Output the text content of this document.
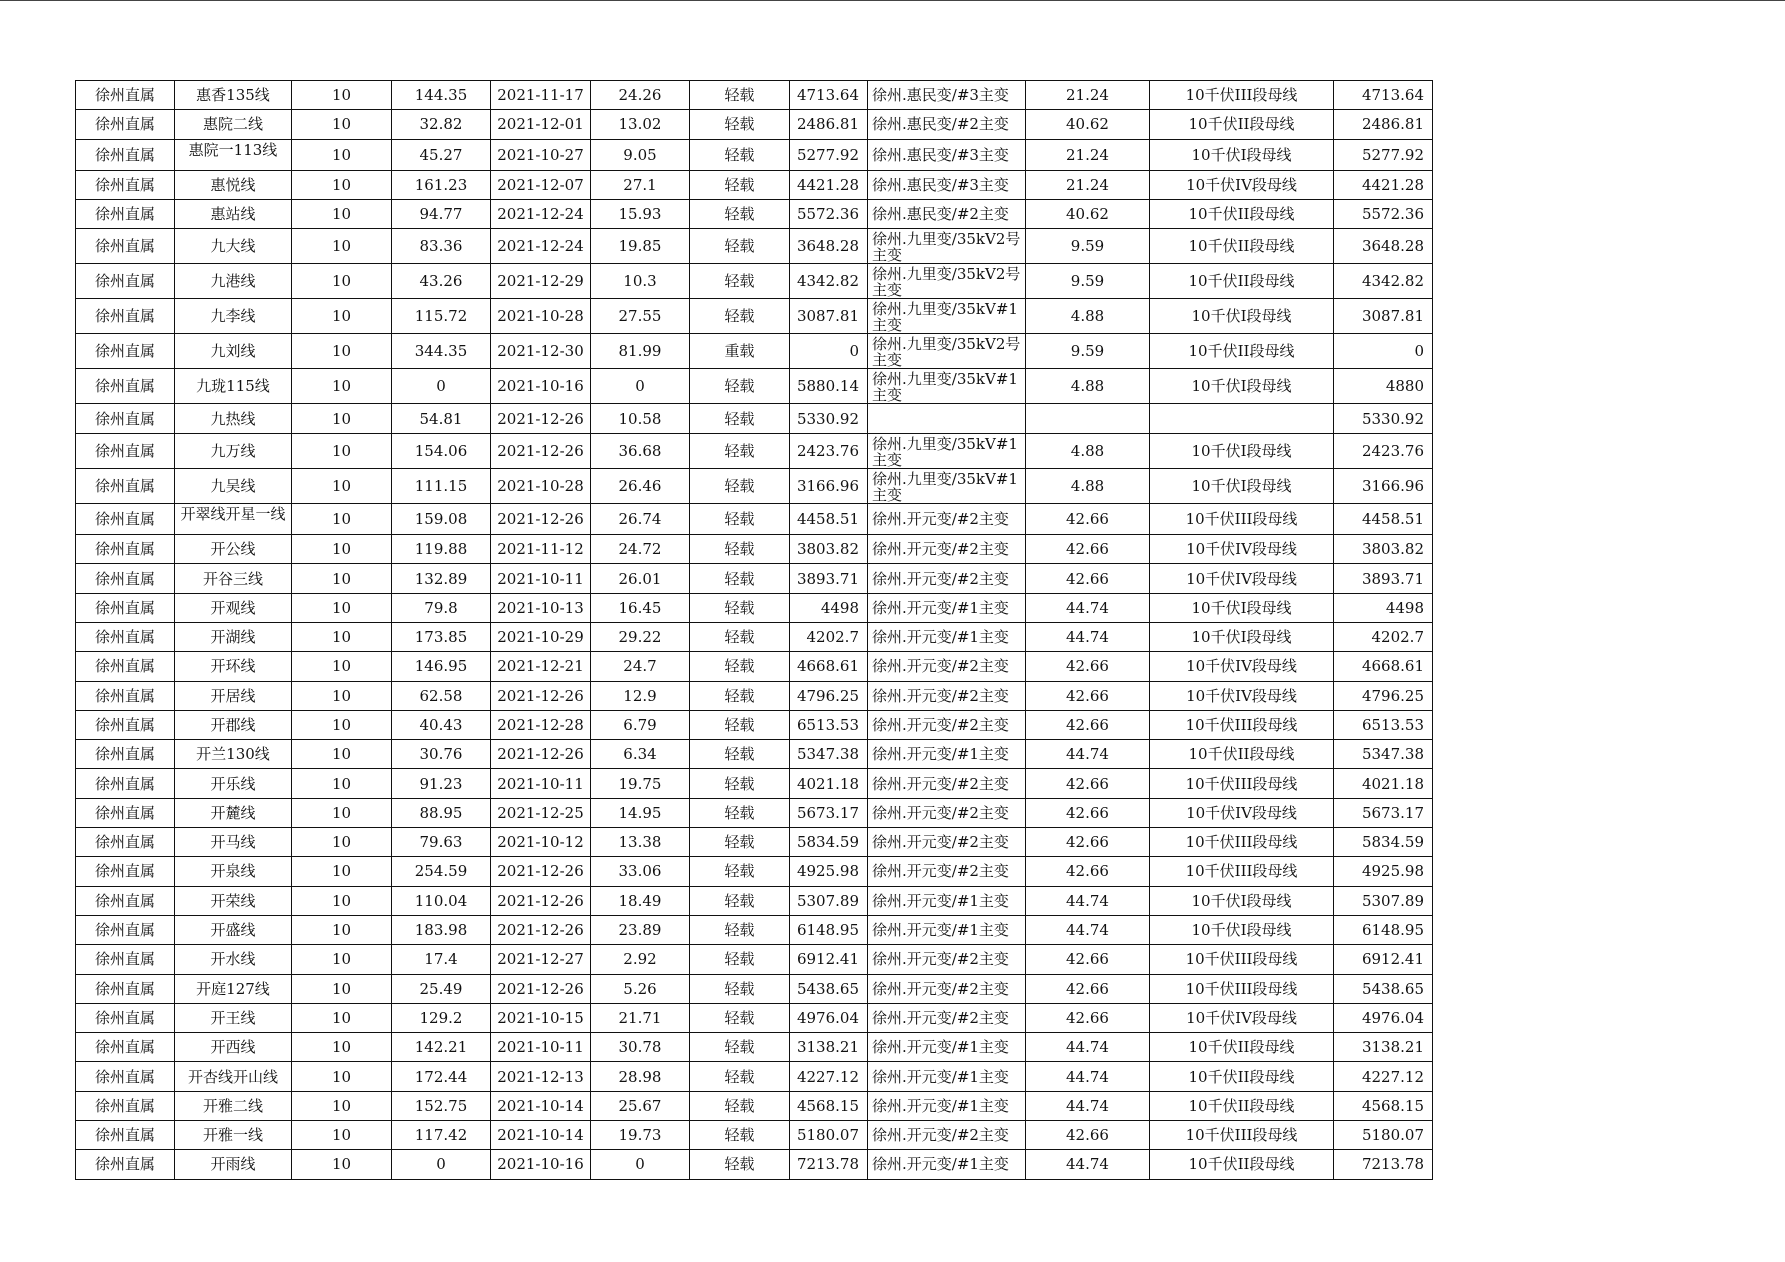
徐州直属	惠香135线	10	144.35	2021-11-17	24.26	轻载	4713.64	徐州.惠民变/#3主变	21.24	10千伏III段母线	4713.64
徐州直属	惠院二线	10	32.82	2021-12-01	13.02	轻载	2486.81	徐州.惠民变/#2主变	40.62	10千伏II段母线	2486.81
徐州直属	惠院一113线	10	45.27	2021-10-27	9.05	轻载	5277.92	徐州.惠民变/#3主变	21.24	10千伏I段母线	5277.92
徐州直属	惠悦线	10	161.23	2021-12-07	27.1	轻载	4421.28	徐州.惠民变/#3主变	21.24	10千伏IV段母线	4421.28
徐州直属	惠站线	10	94.77	2021-12-24	15.93	轻载	5572.36	徐州.惠民变/#2主变	40.62	10千伏II段母线	5572.36
徐州直属	九大线	10	83.36	2021-12-24	19.85	轻载	3648.28	徐州.九里变/35kV2号主变	9.59	10千伏II段母线	3648.28
徐州直属	九港线	10	43.26	2021-12-29	10.3	轻载	4342.82	徐州.九里变/35kV2号主变	9.59	10千伏II段母线	4342.82
徐州直属	九李线	10	115.72	2021-10-28	27.55	轻载	3087.81	徐州.九里变/35kV#1主变	4.88	10千伏I段母线	3087.81
徐州直属	九刘线	10	344.35	2021-12-30	81.99	重载	0	徐州.九里变/35kV2号主变	9.59	10千伏II段母线	0
徐州直属	九珑115线	10	0	2021-10-16	0	轻载	5880.14	徐州.九里变/35kV#1主变	4.88	10千伏I段母线	4880
徐州直属	九热线	10	54.81	2021-12-26	10.58	轻载	5330.92				5330.92
徐州直属	九万线	10	154.06	2021-12-26	36.68	轻载	2423.76	徐州.九里变/35kV#1主变	4.88	10千伏I段母线	2423.76
徐州直属	九吴线	10	111.15	2021-10-28	26.46	轻载	3166.96	徐州.九里变/35kV#1主变	4.88	10千伏I段母线	3166.96
徐州直属	开翠线开星一线	10	159.08	2021-12-26	26.74	轻载	4458.51	徐州.开元变/#2主变	42.66	10千伏III段母线	4458.51
徐州直属	开公线	10	119.88	2021-11-12	24.72	轻载	3803.82	徐州.开元变/#2主变	42.66	10千伏IV段母线	3803.82
徐州直属	开谷三线	10	132.89	2021-10-11	26.01	轻载	3893.71	徐州.开元变/#2主变	42.66	10千伏IV段母线	3893.71
徐州直属	开观线	10	79.8	2021-10-13	16.45	轻载	4498	徐州.开元变/#1主变	44.74	10千伏I段母线	4498
徐州直属	开湖线	10	173.85	2021-10-29	29.22	轻载	4202.7	徐州.开元变/#1主变	44.74	10千伏I段母线	4202.7
徐州直属	开环线	10	146.95	2021-12-21	24.7	轻载	4668.61	徐州.开元变/#2主变	42.66	10千伏IV段母线	4668.61
徐州直属	开居线	10	62.58	2021-12-26	12.9	轻载	4796.25	徐州.开元变/#2主变	42.66	10千伏IV段母线	4796.25
徐州直属	开郡线	10	40.43	2021-12-28	6.79	轻载	6513.53	徐州.开元变/#2主变	42.66	10千伏III段母线	6513.53
徐州直属	开兰130线	10	30.76	2021-12-26	6.34	轻载	5347.38	徐州.开元变/#1主变	44.74	10千伏II段母线	5347.38
徐州直属	开乐线	10	91.23	2021-10-11	19.75	轻载	4021.18	徐州.开元变/#2主变	42.66	10千伏III段母线	4021.18
徐州直属	开麓线	10	88.95	2021-12-25	14.95	轻载	5673.17	徐州.开元变/#2主变	42.66	10千伏IV段母线	5673.17
徐州直属	开马线	10	79.63	2021-10-12	13.38	轻载	5834.59	徐州.开元变/#2主变	42.66	10千伏III段母线	5834.59
徐州直属	开泉线	10	254.59	2021-12-26	33.06	轻载	4925.98	徐州.开元变/#2主变	42.66	10千伏III段母线	4925.98
徐州直属	开荣线	10	110.04	2021-12-26	18.49	轻载	5307.89	徐州.开元变/#1主变	44.74	10千伏I段母线	5307.89
徐州直属	开盛线	10	183.98	2021-12-26	23.89	轻载	6148.95	徐州.开元变/#1主变	44.74	10千伏I段母线	6148.95
徐州直属	开水线	10	17.4	2021-12-27	2.92	轻载	6912.41	徐州.开元变/#2主变	42.66	10千伏III段母线	6912.41
徐州直属	开庭127线	10	25.49	2021-12-26	5.26	轻载	5438.65	徐州.开元变/#2主变	42.66	10千伏III段母线	5438.65
徐州直属	开王线	10	129.2	2021-10-15	21.71	轻载	4976.04	徐州.开元变/#2主变	42.66	10千伏IV段母线	4976.04
徐州直属	开西线	10	142.21	2021-10-11	30.78	轻载	3138.21	徐州.开元变/#1主变	44.74	10千伏II段母线	3138.21
徐州直属	开杏线开山线	10	172.44	2021-12-13	28.98	轻载	4227.12	徐州.开元变/#1主变	44.74	10千伏II段母线	4227.12
徐州直属	开雅二线	10	152.75	2021-10-14	25.67	轻载	4568.15	徐州.开元变/#1主变	44.74	10千伏II段母线	4568.15
徐州直属	开雅一线	10	117.42	2021-10-14	19.73	轻载	5180.07	徐州.开元变/#2主变	42.66	10千伏III段母线	5180.07
徐州直属	开雨线	10	0	2021-10-16	0	轻载	7213.78	徐州.开元变/#1主变	44.74	10千伏II段母线	7213.78
